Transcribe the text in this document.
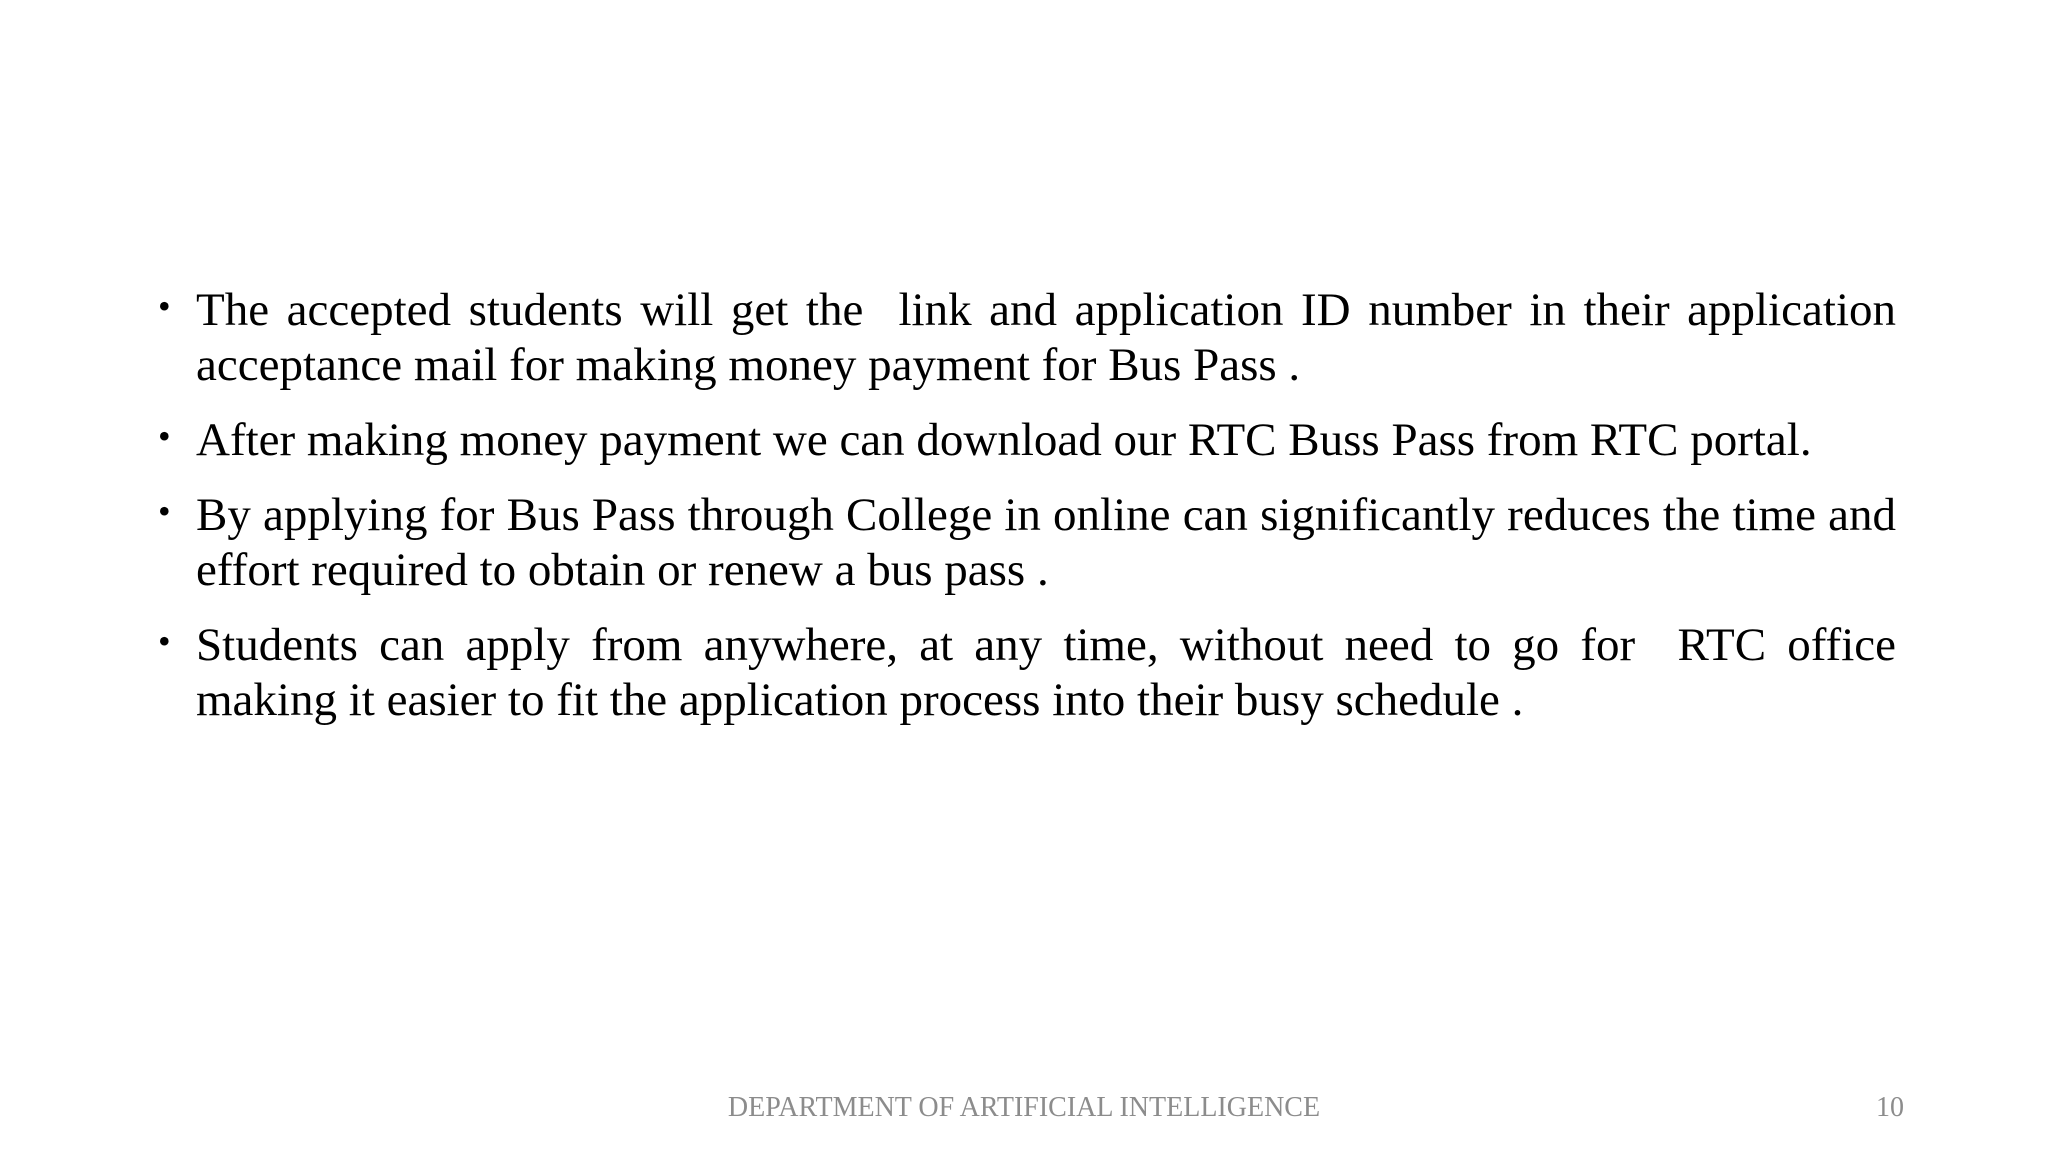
• The accepted students will get the  link and application ID number in their application acceptance mail for making money payment for Bus Pass .
• After making money payment we can download our RTC Buss Pass from RTC portal.
• By applying for Bus Pass through College in online can significantly reduces the time and effort required to obtain or renew a bus pass .
• Students can apply from anywhere, at any time, without need to go for  RTC office making it easier to fit the application process into their busy schedule .
DEPARTMENT OF ARTIFICIAL INTELLIGENCE	10
